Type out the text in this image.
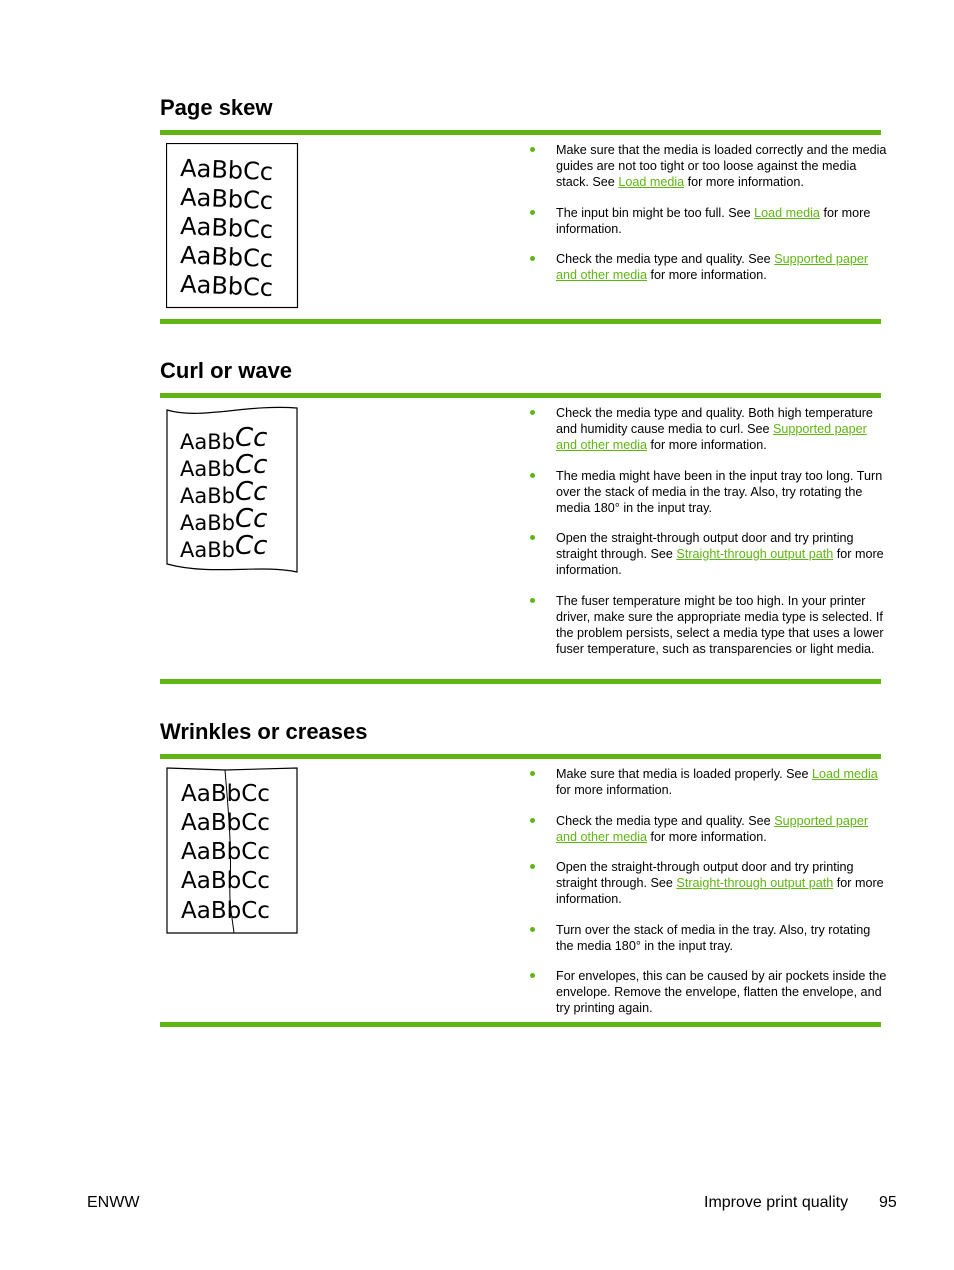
Page skew
AaBbCc
AaBbCc
AaBbCc
AaBbCc
AaBbCc
Make sure that the media is loaded correctly and the media guides are not too tight or too loose against the media stack. See Load media for more information.
The input bin might be too full. See Load media for more information.
Check the media type and quality. See Supported paper and other media for more information.
Curl or wave
AaBbCc
AaBbCc
AaBbCc
AaBbCc
AaBbCc
Check the media type and quality. Both high temperature and humidity cause media to curl. See Supported paper and other media for more information.
The media might have been in the input tray too long. Turn over the stack of media in the tray. Also, try rotating the media 180° in the input tray.
Open the straight-through output door and try printing straight through. See Straight-through output path for more information.
The fuser temperature might be too high. In your printer driver, make sure the appropriate media type is selected. If the problem persists, select a media type that uses a lower fuser temperature, such as transparencies or light media.
Wrinkles or creases
AaBbCc
AaBbCc
AaBbCc
AaBbCc
AaBbCc
Make sure that media is loaded properly. See Load media for more information.
Check the media type and quality. See Supported paper and other media for more information.
Open the straight-through output door and try printing straight through. See Straight-through output path for more information.
Turn over the stack of media in the tray. Also, try rotating the media 180° in the input tray.
For envelopes, this can be caused by air pockets inside the envelope. Remove the envelope, flatten the envelope, and try printing again.
ENWW	Improve print quality 95
